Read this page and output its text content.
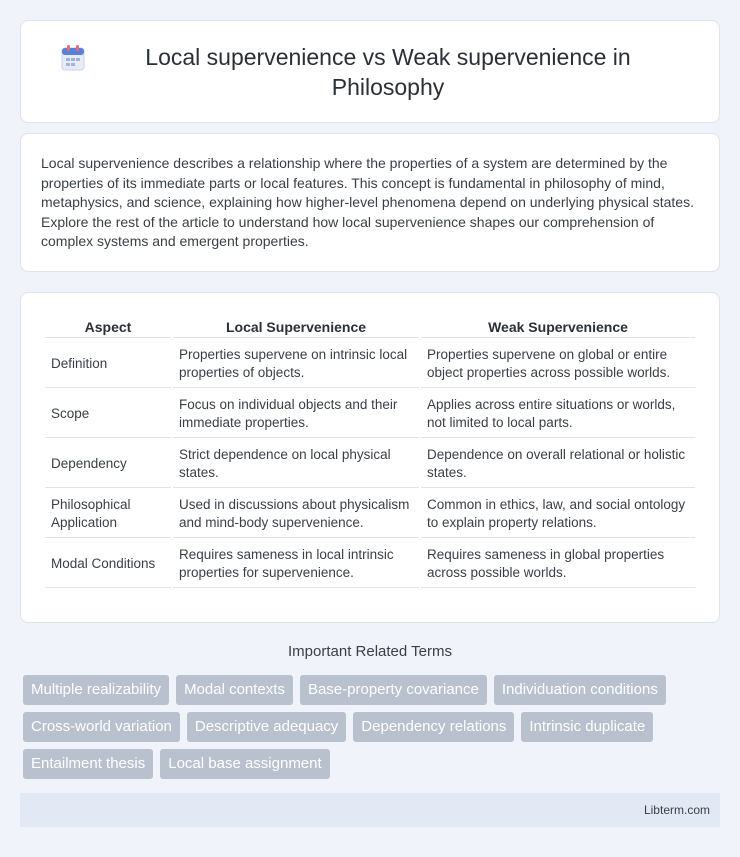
Local supervenience vs Weak supervenience in Philosophy

Local supervenience describes a relationship where the properties of a system are determined by the properties of its immediate parts or local features. This concept is fundamental in philosophy of mind, metaphysics, and science, explaining how higher-level phenomena depend on underlying physical states. Explore the rest of the article to understand how local supervenience shapes our comprehension of complex systems and emergent properties.

Aspect	Local Supervenience	Weak Supervenience
Definition	Properties supervene on intrinsic local properties of objects.	Properties supervene on global or entire object properties across possible worlds.
Scope	Focus on individual objects and their immediate properties.	Applies across entire situations or worlds, not limited to local parts.
Dependency	Strict dependence on local physical states.	Dependence on overall relational or holistic states.
Philosophical Application	Used in discussions about physicalism and mind-body supervenience.	Common in ethics, law, and social ontology to explain property relations.
Modal Conditions	Requires sameness in local intrinsic properties for supervenience.	Requires sameness in global properties across possible worlds.
Important Related Terms
Multiple realizability	Modal contexts	Base-property covariance	Individuation conditions
Cross-world variation	Descriptive adequacy	Dependency relations	Intrinsic duplicate
Entailment thesis	Local base assignment
Libterm.com
